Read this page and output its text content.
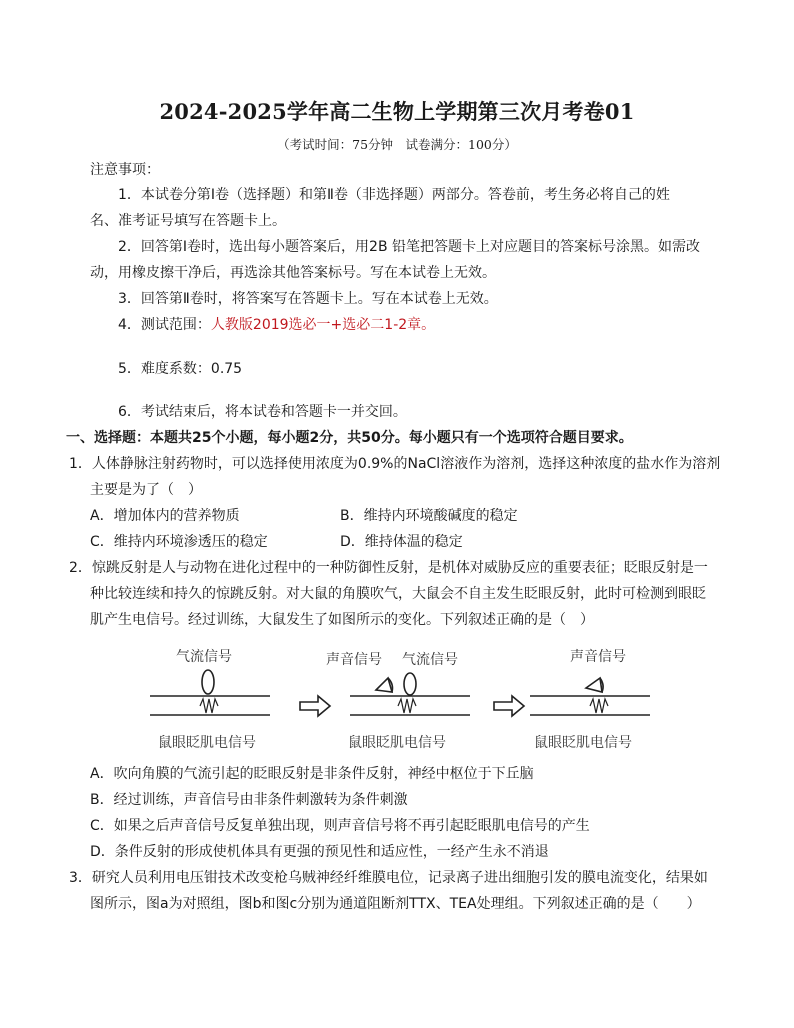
2024-2025学年高二生物上学期第三次月考卷01
（考试时间：75分钟　试卷满分：100分）
注意事项：
1．本试卷分第Ⅰ卷（选择题）和第Ⅱ卷（非选择题）两部分。答卷前，考生务必将自己的姓
名、准考证号填写在答题卡上。
2．回答第Ⅰ卷时，选出每小题答案后，用2B 铅笔把答题卡上对应题目的答案标号涂黑。如需改
动，用橡皮擦干净后，再选涂其他答案标号。写在本试卷上无效。
3．回答第Ⅱ卷时，将答案写在答题卡上。写在本试卷上无效。
4．测试范围：人教版2019选必一+选必二1-2章。
5．难度系数：0.75
6．考试结束后，将本试卷和答题卡一并交回。
一、选择题：本题共25个小题，每小题2分，共50分。每小题只有一个选项符合题目要求。
1．人体静脉注射药物时，可以选择使用浓度为0.9%的NaCl溶液作为溶剂，选择这种浓度的盐水作为溶剂
主要是为了（　）
A．增加体内的营养物质	B．维持内环境酸碱度的稳定
C．维持内环境渗透压的稳定	D．维持体温的稳定
2．惊跳反射是人与动物在进化过程中的一种防御性反射，是机体对威胁反应的重要表征；眨眼反射是一
种比较连续和持久的惊跳反射。对大鼠的角膜吹气，大鼠会不自主发生眨眼反射，此时可检测到眼眨
肌产生电信号。经过训练，大鼠发生了如图所示的变化。下列叙述正确的是（　）
气流信号	声音信号 气流信号	声音信号
鼠眼眨肌电信号	鼠眼眨肌电信号	鼠眼眨肌电信号
A．吹向角膜的气流引起的眨眼反射是非条件反射，神经中枢位于下丘脑
B．经过训练，声音信号由非条件刺激转为条件刺激
C．如果之后声音信号反复单独出现，则声音信号将不再引起眨眼肌电信号的产生
D．条件反射的形成使机体具有更强的预见性和适应性，一经产生永不消退
3．研究人员利用电压钳技术改变枪乌贼神经纤维膜电位，记录离子进出细胞引发的膜电流变化，结果如
图所示，图a为对照组，图b和图c分别为通道阻断剂TTX、TEA处理组。下列叙述正确的是（　　）
